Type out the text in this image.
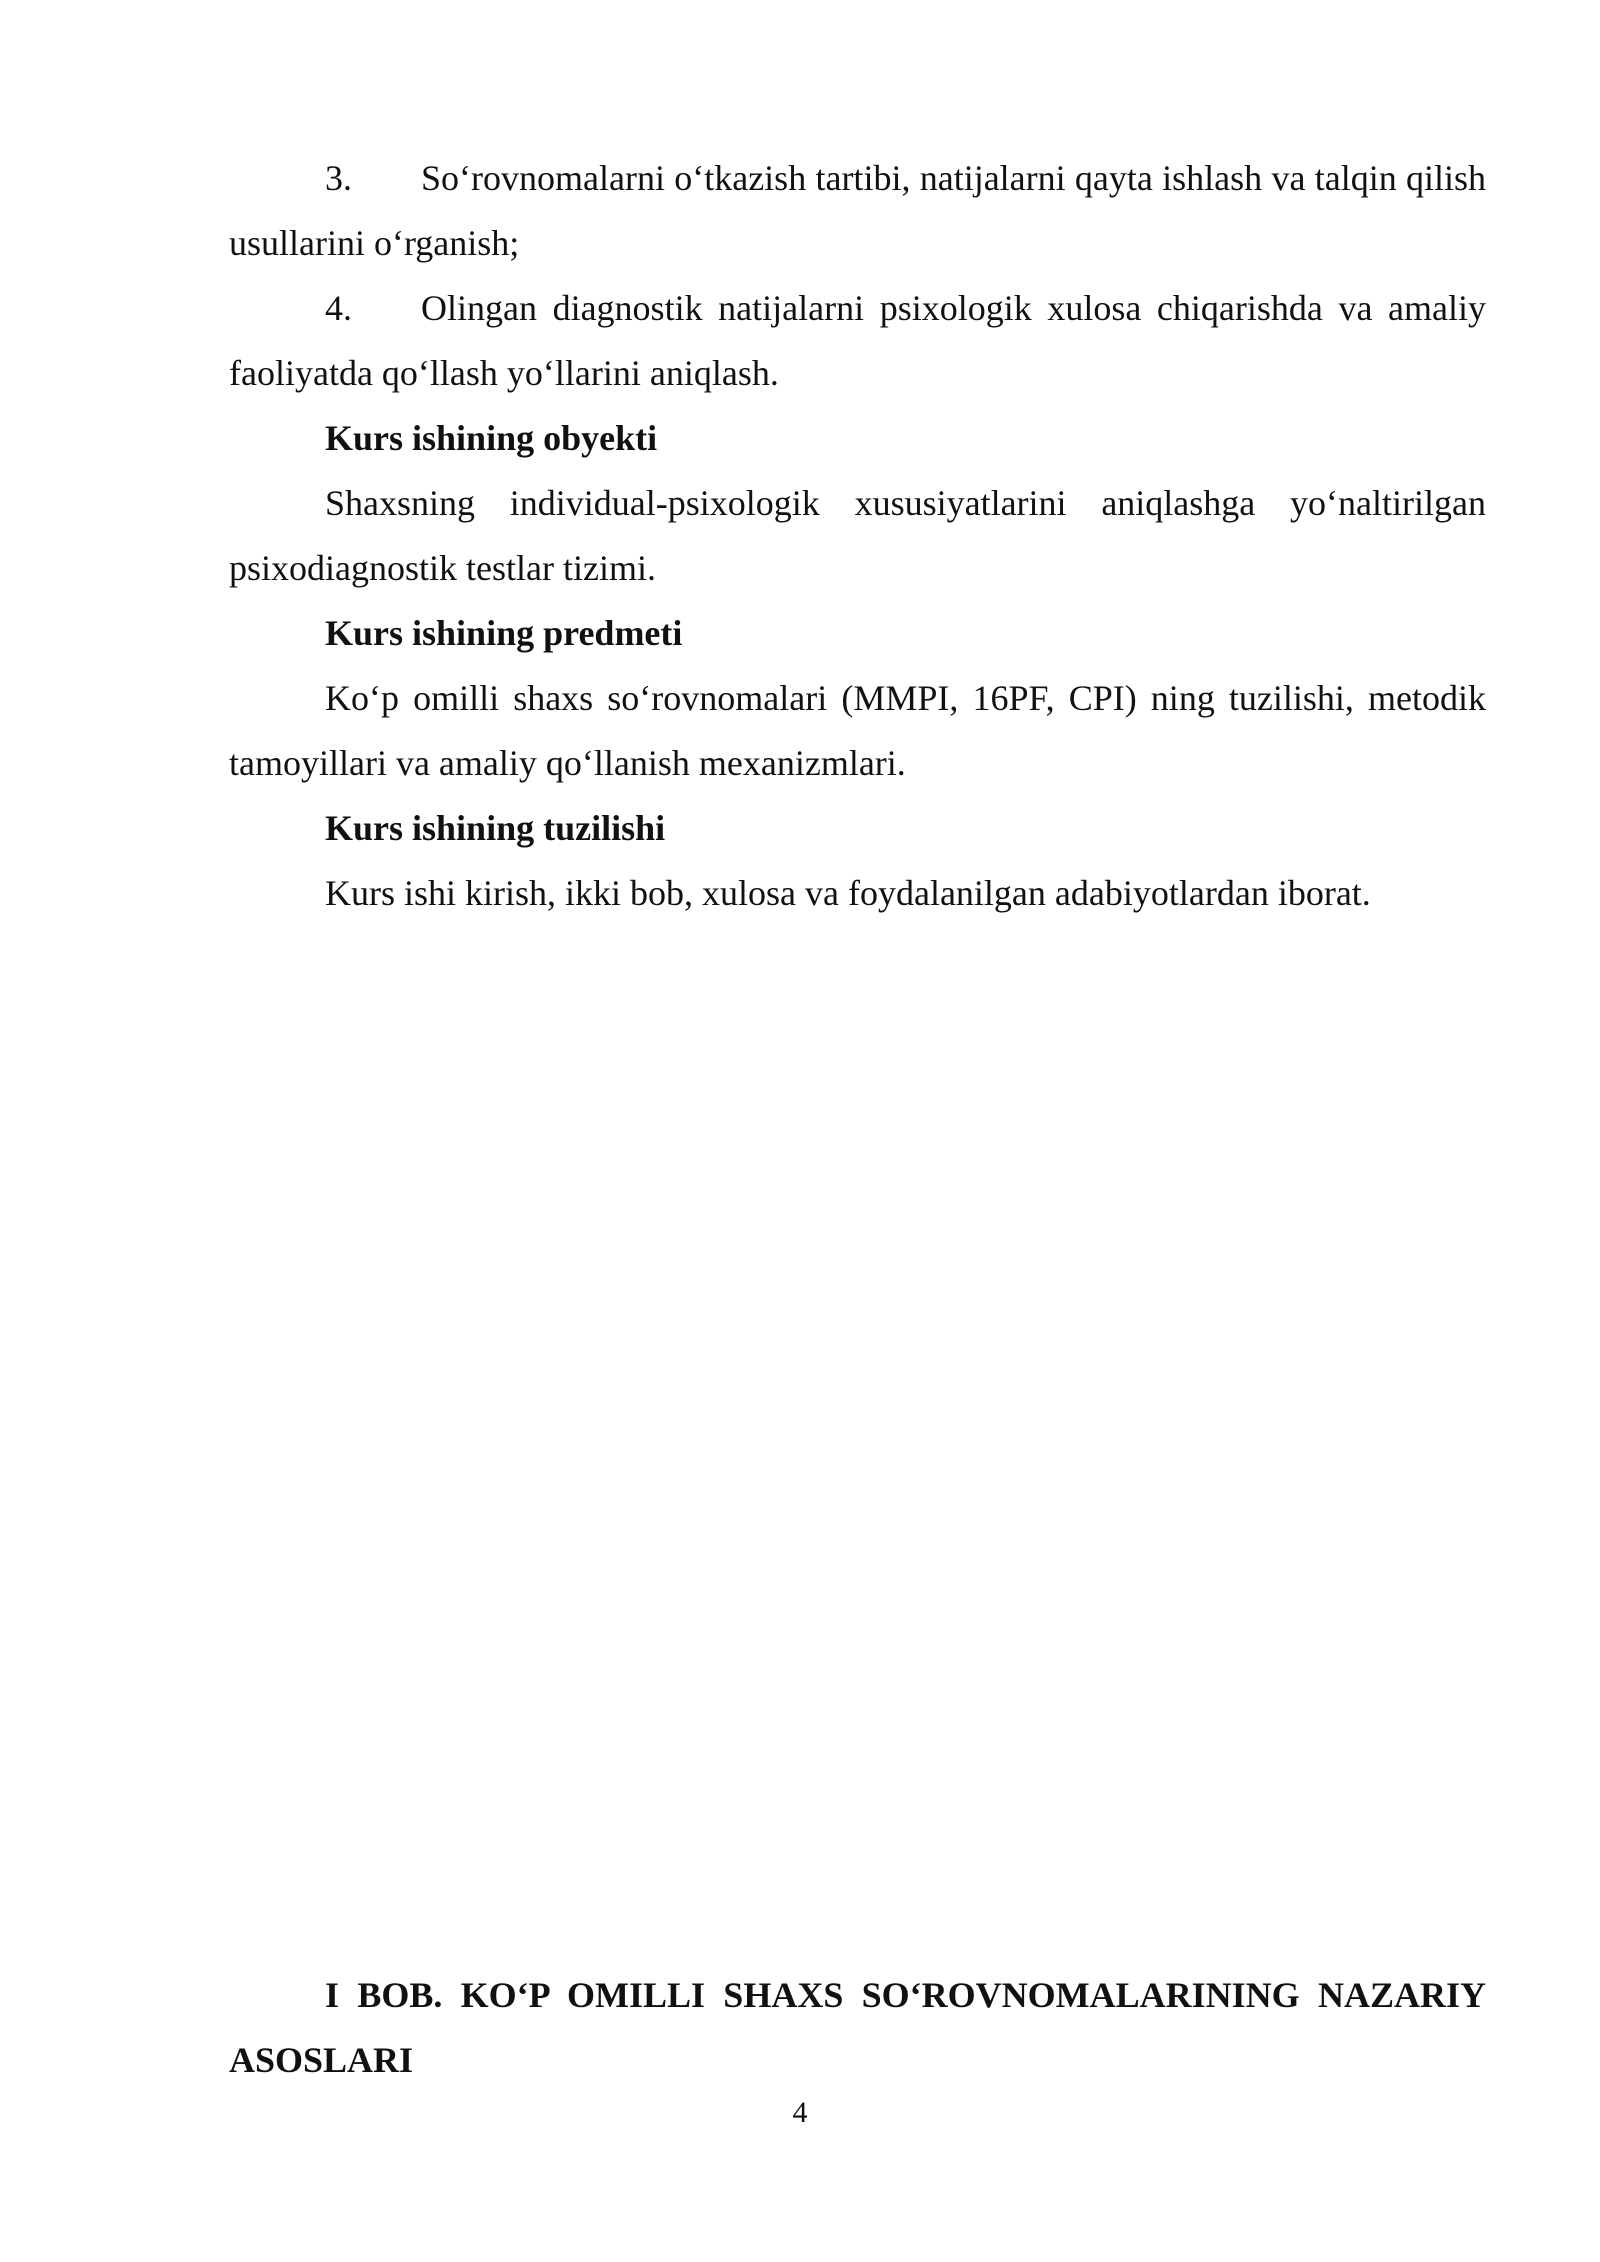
3. So‘rovnomalarni o‘tkazish tartibi, natijalarni qayta ishlash va talqin qilish usullarini o‘rganish;

4. Olingan diagnostik natijalarni psixologik xulosa chiqarishda va amaliy faoliyatda qo‘llash yo‘llarini aniqlash.

Kurs ishining obyekti

Shaxsning individual-psixologik xususiyatlarini aniqlashga yo‘naltirilgan psixodiagnostik testlar tizimi.

Kurs ishining predmeti

Ko‘p omilli shaxs so‘rovnomalari (MMPI, 16PF, CPI) ning tuzilishi, metodik tamoyillari va amaliy qo‘llanish mexanizmlari.

Kurs ishining tuzilishi

Kurs ishi kirish, ikki bob, xulosa va foydalanilgan adabiyotlardan iborat.

I BOB. KO‘P OMILLI SHAXS SO‘ROVNOMALARINING NAZARIY ASOSLARI

4
